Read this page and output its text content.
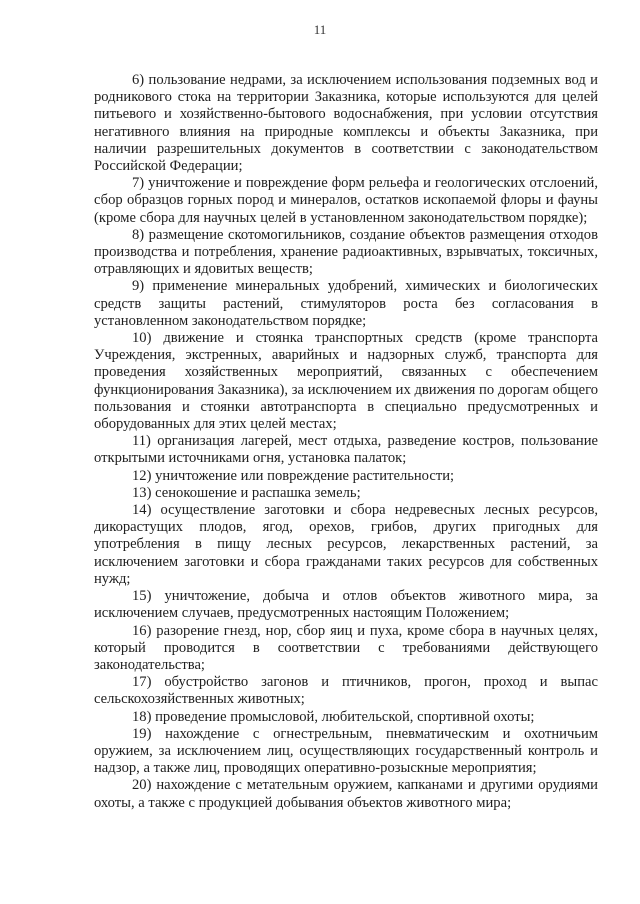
11

6) пользование недрами, за исключением использования подземных вод и родникового стока на территории Заказника, которые используются для целей питьевого и хозяйственно-бытового водоснабжения, при условии отсутствия негативного влияния на природные комплексы и объекты Заказника, при наличии разрешительных документов в соответствии с законодательством Российской Федерации;

7) уничтожение и повреждение форм рельефа и геологических отслоений, сбор образцов горных пород и минералов, остатков ископаемой флоры и фауны (кроме сбора для научных целей в установленном законодательством порядке);

8) размещение скотомогильников, создание объектов размещения отходов производства и потребления, хранение радиоактивных, взрывчатых, токсичных, отравляющих и ядовитых веществ;

9) применение минеральных удобрений, химических и биологических средств защиты растений, стимуляторов роста без согласования в установленном законодательством порядке;

10) движение и стоянка транспортных средств (кроме транспорта Учреждения, экстренных, аварийных и надзорных служб, транспорта для проведения хозяйственных мероприятий, связанных с обеспечением функционирования Заказника), за исключением их движения по дорогам общего пользования и стоянки автотранспорта в специально предусмотренных и оборудованных для этих целей местах;

11) организация лагерей, мест отдыха, разведение костров, пользование открытыми источниками огня, установка палаток;

12) уничтожение или повреждение растительности;

13) сенокошение и распашка земель;

14) осуществление заготовки и сбора недревесных лесных ресурсов, дикорастущих плодов, ягод, орехов, грибов, других пригодных для употребления в пищу лесных ресурсов, лекарственных растений, за исключением заготовки и сбора гражданами таких ресурсов для собственных нужд;

15) уничтожение, добыча и отлов объектов животного мира, за исключением случаев, предусмотренных настоящим Положением;

16) разорение гнезд, нор, сбор яиц и пуха, кроме сбора в научных целях, который проводится в соответствии с требованиями действующего законодательства;

17) обустройство загонов и птичников, прогон, проход и выпас сельскохозяйственных животных;

18) проведение промысловой, любительской, спортивной охоты;

19) нахождение с огнестрельным, пневматическим и охотничьим оружием, за исключением лиц, осуществляющих государственный контроль и надзор, а также лиц, проводящих оперативно-розыскные мероприятия;

20) нахождение с метательным оружием, капканами и другими орудиями охоты, а также с продукцией добывания объектов животного мира;
